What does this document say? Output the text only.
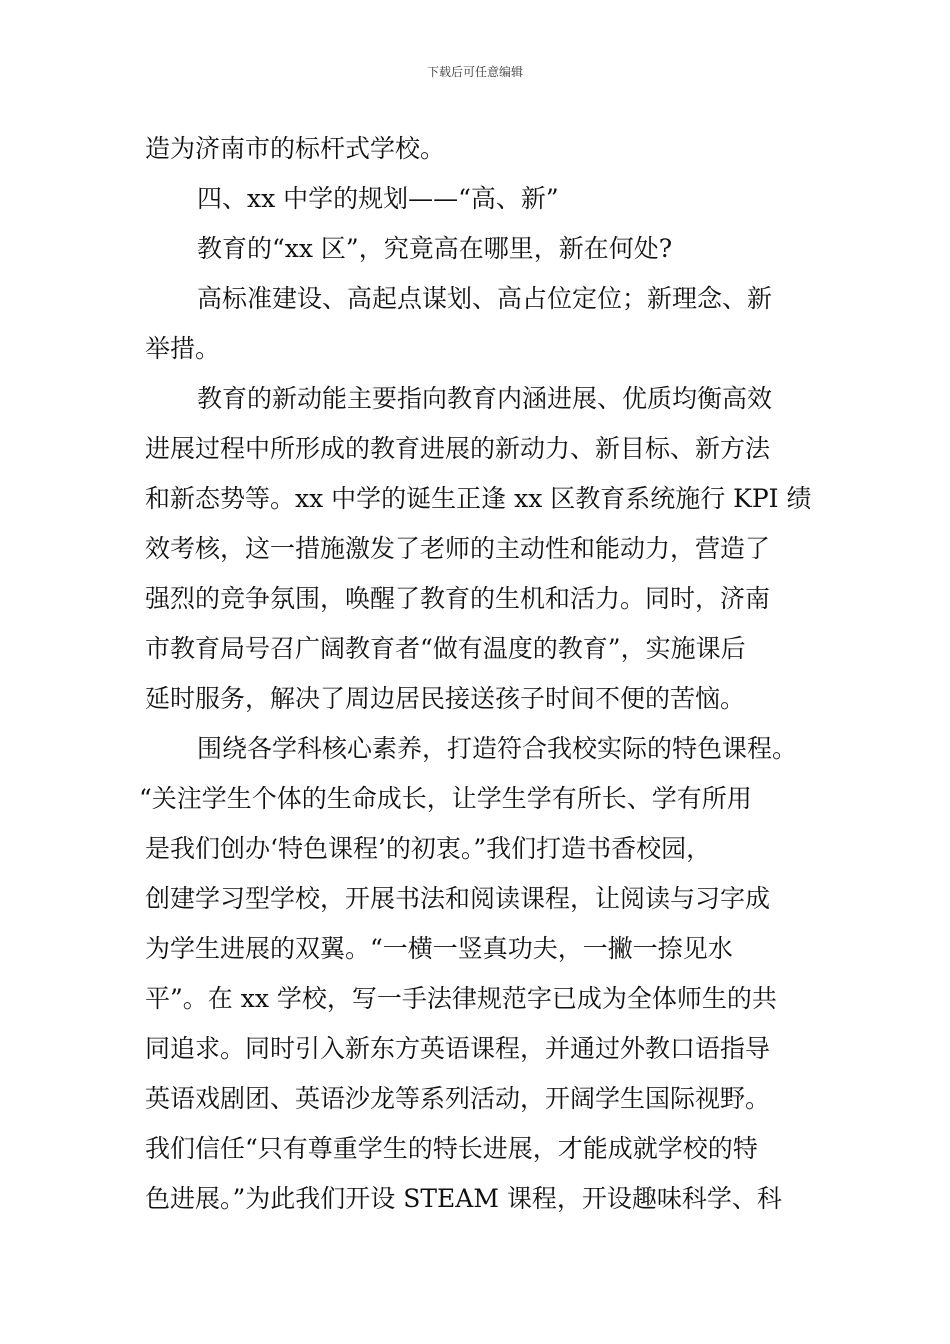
下载后可任意编辑
造为济南市的标杆式学校。
四、xx 中学的规划——“高、新”
教育的“xx 区”，究竟高在哪里，新在何处?
高标准建设、高起点谋划、高占位定位；新理念、新
举措。
教育的新动能主要指向教育内涵进展、优质均衡高效
进展过程中所形成的教育进展的新动力、新目标、新方法
和新态势等。xx 中学的诞生正逢 xx 区教育系统施行 KPI 绩
效考核，这一措施激发了老师的主动性和能动力，营造了
强烈的竞争氛围，唤醒了教育的生机和活力。同时，济南
市教育局号召广阔教育者“做有温度的教育”，实施课后
延时服务，解决了周边居民接送孩子时间不便的苦恼。
围绕各学科核心素养，打造符合我校实际的特色课程。
“关注学生个体的生命成长，让学生学有所长、学有所用
是我们创办‘特色课程’的初衷。”我们打造书香校园，
创建学习型学校，开展书法和阅读课程，让阅读与习字成
为学生进展的双翼。“一横一竖真功夫，一撇一捺见水
平”。在 xx 学校，写一手法律规范字已成为全体师生的共
同追求。同时引入新东方英语课程，并通过外教口语指导
英语戏剧团、英语沙龙等系列活动，开阔学生国际视野。
我们信任“只有尊重学生的特长进展，才能成就学校的特
色进展。”为此我们开设 STEAM 课程，开设趣味科学、科
